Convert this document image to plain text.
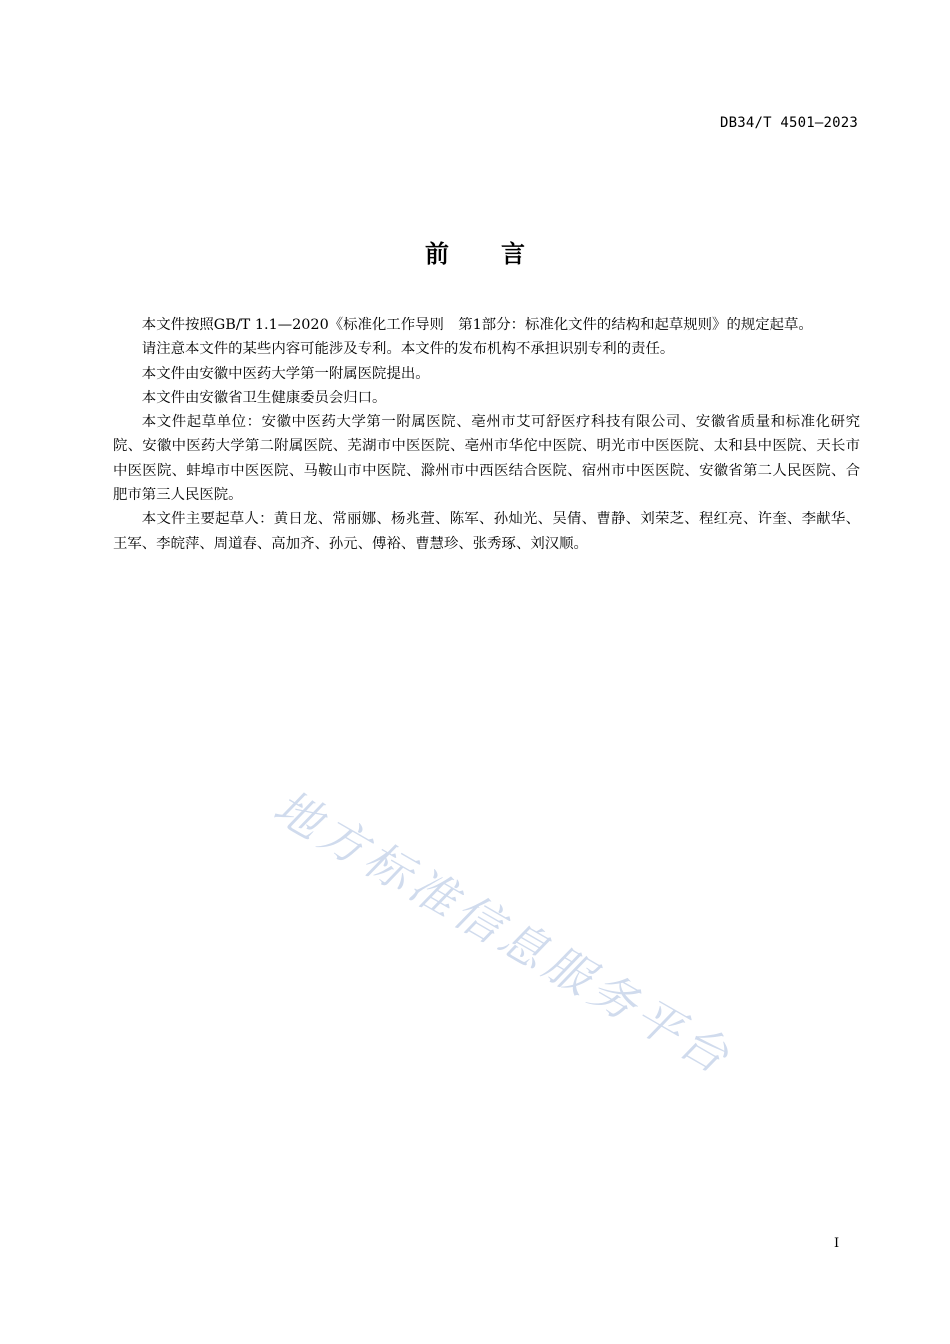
DB34/T 4501—2023
前言

本文件按照GB/T 1.1—2020《标准化工作导则　第1部分：标准化文件的结构和起草规则》的规定起草。

请注意本文件的某些内容可能涉及专利。本文件的发布机构不承担识别专利的责任。

本文件由安徽中医药大学第一附属医院提出。

本文件由安徽省卫生健康委员会归口。

本文件起草单位：安徽中医药大学第一附属医院、亳州市艾可舒医疗科技有限公司、安徽省质量和标准化研究院、安徽中医药大学第二附属医院、芜湖市中医医院、亳州市华佗中医院、明光市中医医院、太和县中医院、天长市中医医院、蚌埠市中医医院、马鞍山市中医院、滁州市中西医结合医院、宿州市中医医院、安徽省第二人民医院、合肥市第三人民医院。

本文件主要起草人：黄日龙、常丽娜、杨兆萱、陈军、孙灿光、吴倩、曹静、刘荣芝、程红亮、许奎、李献华、王军、李皖萍、周道春、高加齐、孙元、傅裕、曹慧珍、张秀琢、刘汉顺。

地方标准信息服务平台
I
